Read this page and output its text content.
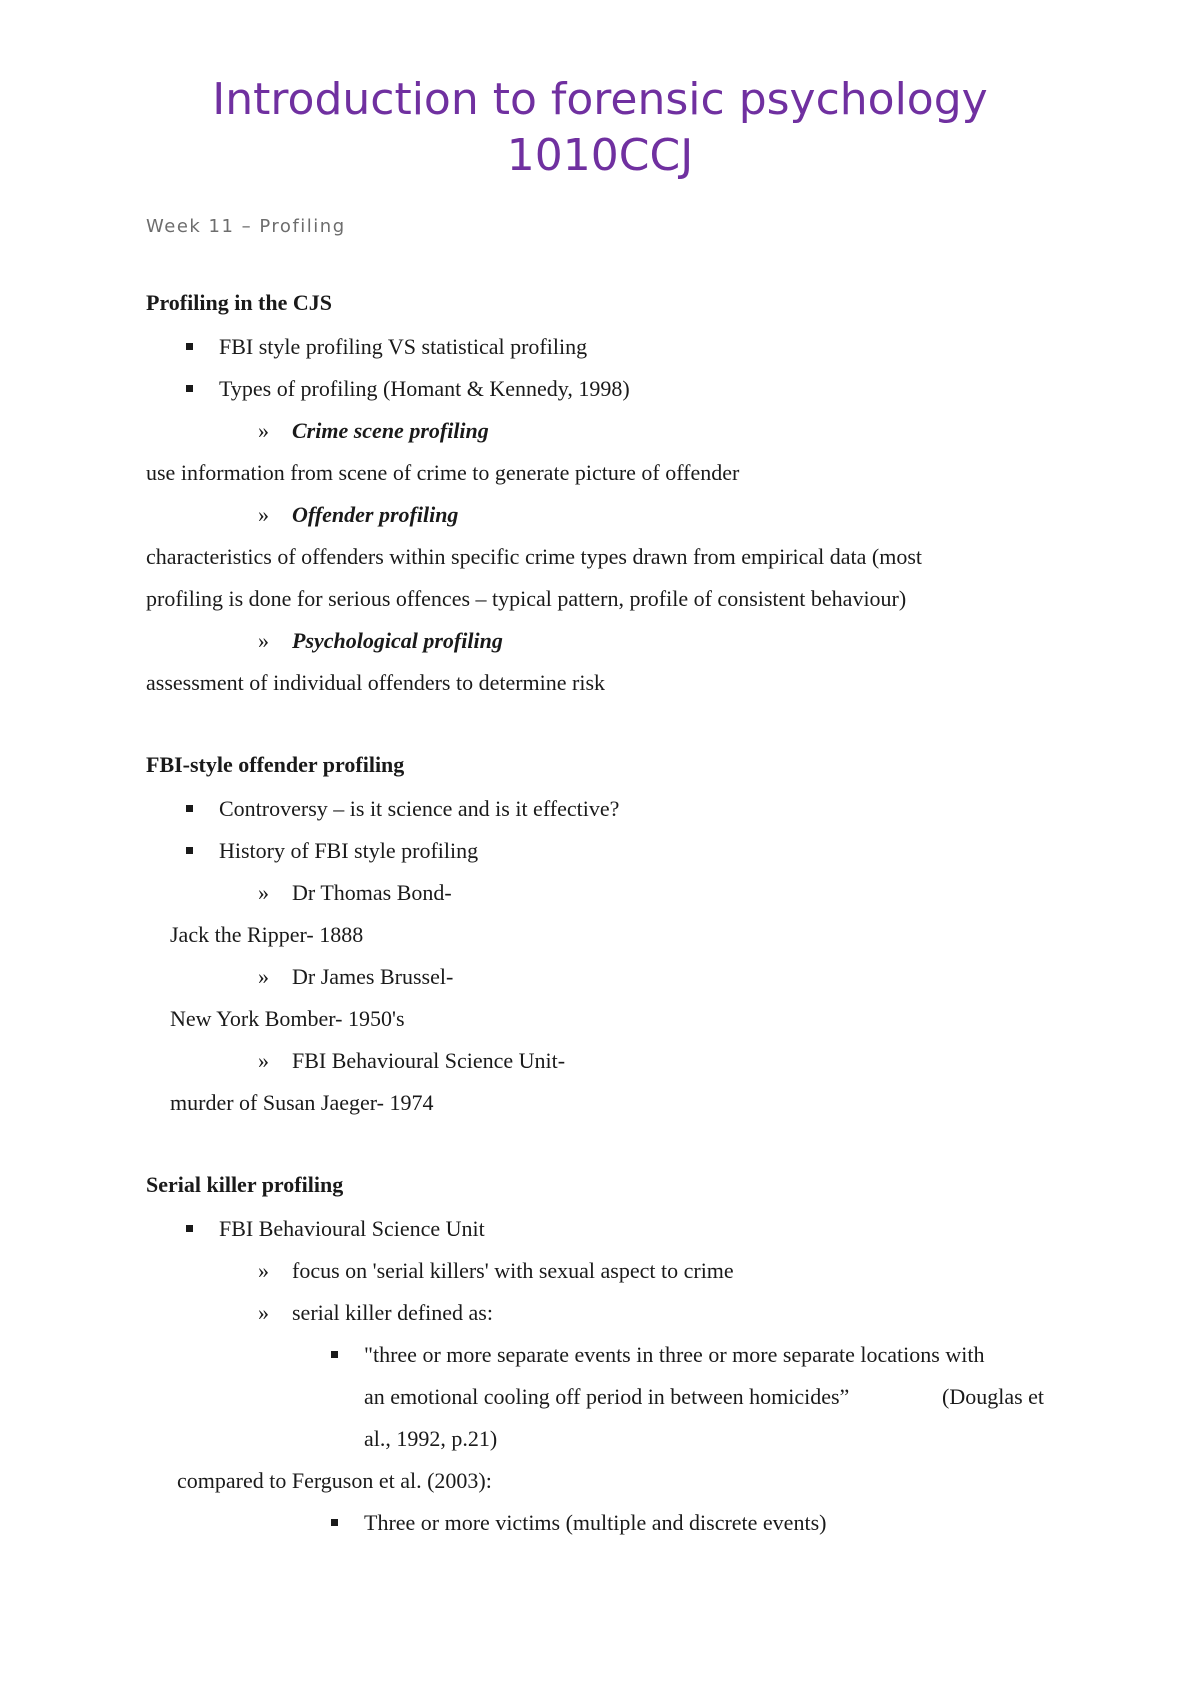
Introduction to forensic psychology
1010CCJ
Week 11 – Profiling
Profiling in the CJS
FBI style profiling VS statistical profiling
Types of profiling (Homant & Kennedy, 1998)
» Crime scene profiling
use information from scene of crime to generate picture of offender
» Offender profiling
characteristics of offenders within specific crime types drawn from empirical data (most
profiling is done for serious offences – typical pattern, profile of consistent behaviour)
» Psychological profiling
assessment of individual offenders to determine risk
FBI-style offender profiling
Controversy – is it science and is it effective?
History of FBI style profiling
» Dr Thomas Bond-
Jack the Ripper- 1888
» Dr James Brussel-
New York Bomber- 1950's
» FBI Behavioural Science Unit-
murder of Susan Jaeger- 1974
Serial killer profiling
FBI Behavioural Science Unit
» focus on 'serial killers' with sexual aspect to crime
» serial killer defined as:
"three or more separate events in three or more separate locations with
an emotional cooling off period in between homicides”	(Douglas et
al., 1992, p.21)
compared to Ferguson et al. (2003):
Three or more victims (multiple and discrete events)
